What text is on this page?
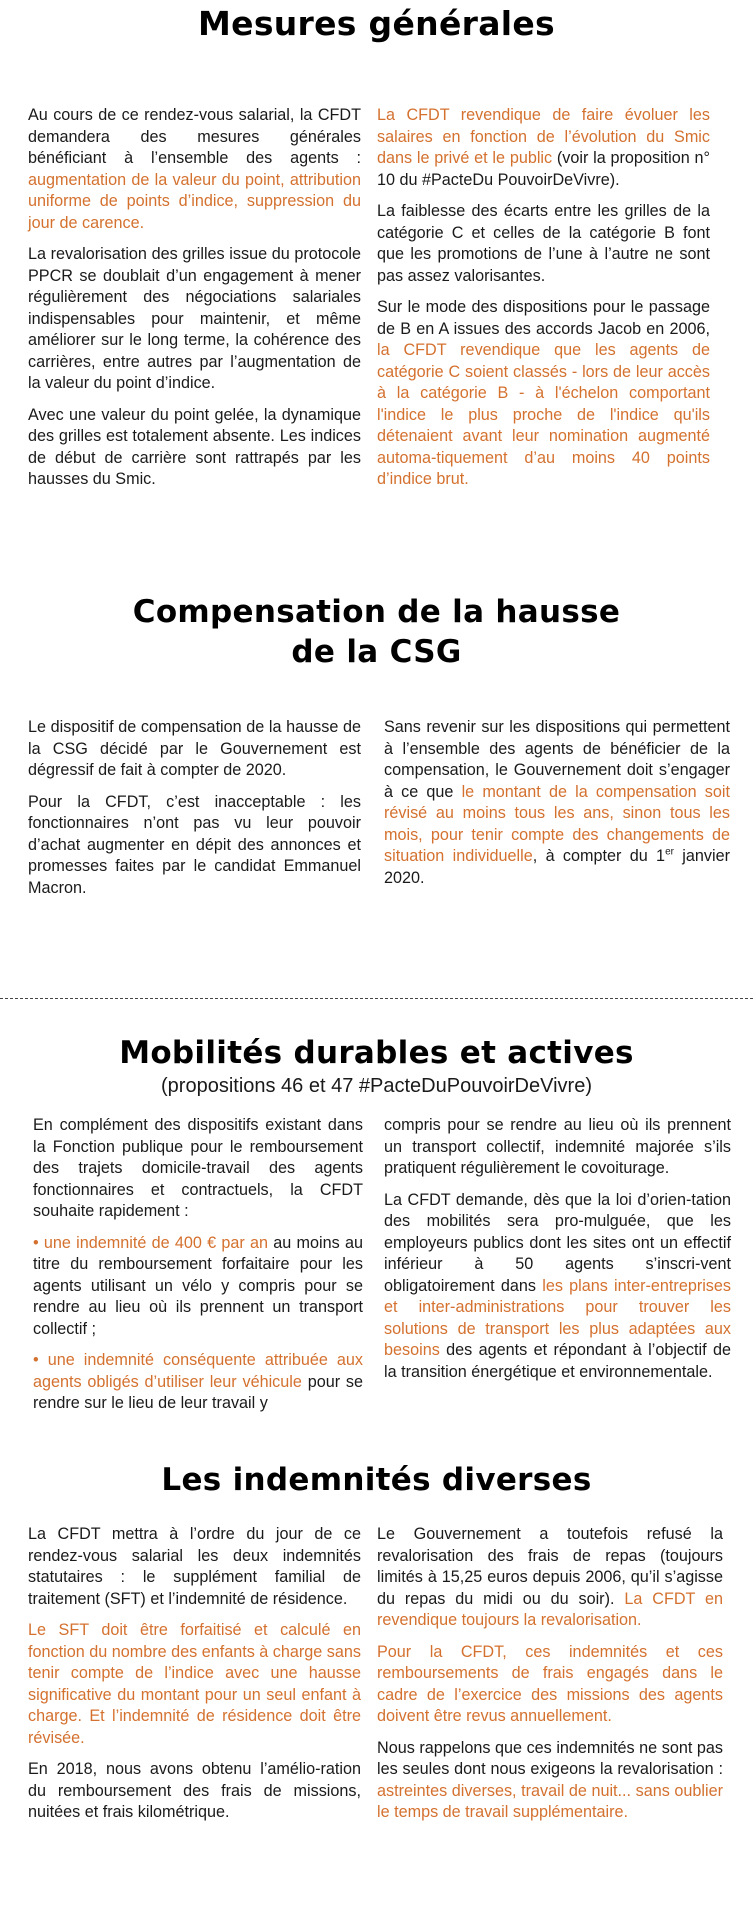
Mesures générales

Au cours de ce rendez-vous salarial, la CFDT demandera des mesures générales bénéficiant à l’ensemble des agents : augmentation de la valeur du point, attribution uniforme de points d’indice, suppression du jour de carence.

La revalorisation des grilles issue du protocole PPCR se doublait d’un engagement à mener régulièrement des négociations salariales indispensables pour maintenir, et même améliorer sur le long terme, la cohérence des carrières, entre autres par l’augmentation de la valeur du point d’indice.

Avec une valeur du point gelée, la dynamique des grilles est totalement absente. Les indices de début de carrière sont rattrapés par les hausses du Smic.

La CFDT revendique de faire évoluer les salaires en fonction de l’évolution du Smic dans le privé et le public (voir la proposition n° 10 du #PacteDu PouvoirDeVivre).

La faiblesse des écarts entre les grilles de la catégorie C et celles de la catégorie B font que les promotions de l’une à l’autre ne sont pas assez valorisantes.

Sur le mode des dispositions pour le passage de B en A issues des accords Jacob en 2006, la CFDT revendique que les agents de catégorie C soient classés - lors de leur accès à la catégorie B - à l'échelon comportant l'indice le plus proche de l'indice qu'ils détenaient avant leur nomination augmenté automa-tiquement d’au moins 40 points d’indice brut.

Compensation de la hausse
de la CSG

Le dispositif de compensation de la hausse de la CSG décidé par le Gouvernement est dégressif de fait à compter de 2020.

Pour la CFDT, c’est inacceptable : les fonctionnaires n’ont pas vu leur pouvoir d’achat augmenter en dépit des annonces et promesses faites par le candidat Emmanuel Macron.

Sans revenir sur les dispositions qui permettent à l’ensemble des agents de bénéficier de la compensation, le Gouvernement doit s’engager à ce que le montant de la compensation soit révisé au moins tous les ans, sinon tous les mois, pour tenir compte des changements de situation individuelle, à compter du 1er janvier 2020.

Mobilités durables et actives
(propositions 46 et 47 #PacteDuPouvoirDeVivre)

En complément des dispositifs existant dans la Fonction publique pour le remboursement des trajets domicile-travail des agents fonctionnaires et contractuels, la CFDT souhaite rapidement :

• une indemnité de 400 € par an au moins au titre du remboursement forfaitaire pour les agents utilisant un vélo y compris pour se rendre au lieu où ils prennent un transport collectif ;

• une indemnité conséquente attribuée aux agents obligés d’utiliser leur véhicule pour se rendre sur le lieu de leur travail y

compris pour se rendre au lieu où ils prennent un transport collectif, indemnité majorée s’ils pratiquent régulièrement le covoiturage.

La CFDT demande, dès que la loi d’orien-tation des mobilités sera pro-mulguée, que les employeurs publics dont les sites ont un effectif inférieur à 50 agents s’inscri-vent obligatoirement dans les plans inter-entreprises et inter-administrations pour trouver les solutions de transport les plus adaptées aux besoins des agents et répondant à l’objectif de la transition énergétique et environnementale.

Les indemnités diverses

La CFDT mettra à l’ordre du jour de ce rendez-vous salarial les deux indemnités statutaires : le supplément familial de traitement (SFT) et l’indemnité de résidence.

Le SFT doit être forfaitisé et calculé en fonction du nombre des enfants à charge sans tenir compte de l’indice avec une hausse significative du montant pour un seul enfant à charge. Et l’indemnité de résidence doit être révisée.

En 2018, nous avons obtenu l’amélio-ration du remboursement des frais de missions, nuitées et frais kilométrique.

Le Gouvernement a toutefois refusé la revalorisation des frais de repas (toujours limités à 15,25 euros depuis 2006, qu’il s’agisse du repas du midi ou du soir). La CFDT en revendique toujours la revalorisation.

Pour la CFDT, ces indemnités et ces remboursements de frais engagés dans le cadre de l’exercice des missions des agents doivent être revus annuellement.

Nous rappelons que ces indemnités ne sont pas les seules dont nous exigeons la revalorisation : astreintes diverses, travail de nuit... sans oublier le temps de travail supplémentaire.
